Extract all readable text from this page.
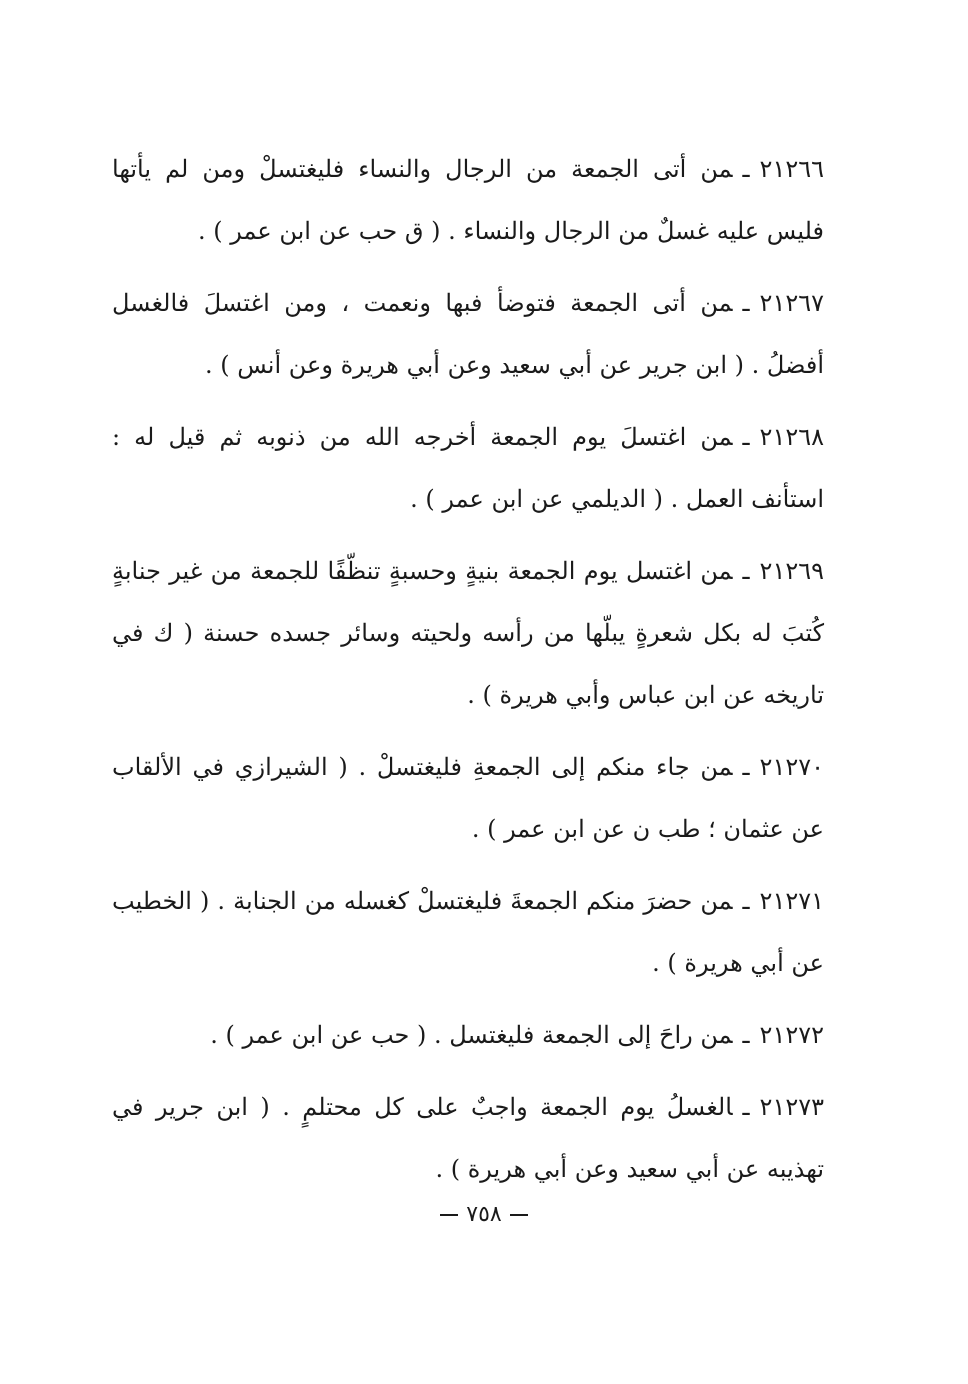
٢١٢٦٦ـمن أتى الجمعة من الرجال والنساء فليغتسلْ ومن لم يأتها فليس عليه غسلٌ من الرجال والنساء . ( ق حب عن ابن عمر ) .

٢١٢٦٧ـمن أتى الجمعة فتوضأ فبها ونعمت ، ومن اغتسلَ فالغسل أفضلُ . ( ابن جرير عن أبي سعيد وعن أبي هريرة وعن أنس ) .

٢١٢٦٨ـمن اغتسلَ يوم الجمعة أخرجه الله من ذنوبه ثم قيل له : استأنف العمل . ( الديلمي عن ابن عمر ) .

٢١٢٦٩ـمن اغتسل يوم الجمعة بنيةٍ وحسبةٍ تنظّفًا للجمعة من غير جنابةٍ كُتبَ له بكل شعرةٍ يبلّها من رأسه ولحيته وسائر جسده حسنة ( ك في تاريخه عن ابن عباس وأبي هريرة ) .

٢١٢٧٠ـمن جاء منكم إلى الجمعةِ فليغتسلْ . ( الشيرازي في الألقاب عن عثمان ؛ طب ن عن ابن عمر ) .

٢١٢٧١ـمن حضرَ منكم الجمعةَ فليغتسلْ كغسله من الجنابة . ( الخطيب عن أبي هريرة ) .

٢١٢٧٢ـمن راحَ إلى الجمعة فليغتسل . ( حب عن ابن عمر ) .

٢١٢٧٣ـالغسلُ يوم الجمعة واجبٌ على كل محتلمٍ . ( ابن جرير في تهذيبه عن أبي سعيد وعن أبي هريرة ) .

٧٥٨
